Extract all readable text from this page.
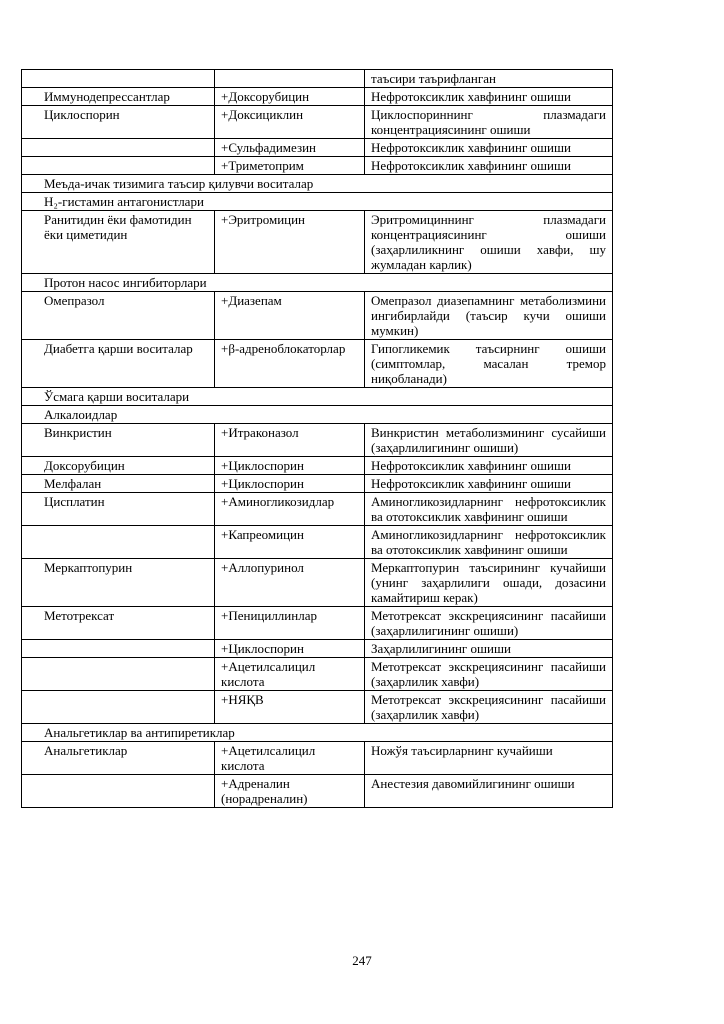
		таъсири таърифланган
Иммунодепрессантлар	+Доксорубицин	Нефротоксиклик хавфининг ошиши
Циклоспорин	+Доксициклин	Циклоспориннинг плазмадаги концентрациясининг ошиши
	+Сульфадимезин	Нефротоксиклик хавфининг ошиши
	+Триметоприм	Нефротоксиклик хавфининг ошиши
Меъда-ичак тизимига таъсир қилувчи воситалар		
H₂-гистамин антагонистлари		
Ранитидин ёки фамотидин ёки циметидин	+Эритромицин	Эритромициннинг плазмадаги концентрациясининг ошиши (заҳарлиликнинг ошиши хавфи, шу жумладан карлик)
Протон насос ингибиторлари		
Омепразол	+Диазепам	Омепразол диазепамнинг метаболизмини ингибирлайди (таъсир кучи ошиши мумкин)
Диабетга қарши воситалар	+β-адреноблокаторлар	Гипогликемик таъсирнинг ошиши (симптомлар, масалан тремор ниқобланади)
Ўсмага қарши воситалари		
Алкалоидлар		
Винкристин	+Итраконазол	Винкристин метаболизмининг сусайиши (заҳарлилигининг ошиши)
Доксорубицин	+Циклоспорин	Нефротоксиклик хавфининг ошиши
Мелфалан	+Циклоспорин	Нефротоксиклик хавфининг ошиши
Цисплатин	+Аминогликозидлар	Аминогликозидларнинг нефротоксиклик ва ототоксиклик хавфининг ошиши
	+Капреомицин	Аминогликозидларнинг нефротоксиклик ва ототоксиклик хавфининг ошиши
Меркаптопурин	+Аллопуринол	Меркаптопурин таъсирининг кучайиши (унинг заҳарлилиги ошади, дозасини камайтириш керак)
Метотрексат	+Пенициллинлар	Метотрексат экскрециясининг пасайиши (заҳарлилигининг ошиши)
	+Циклоспорин	Заҳарлилигининг ошиши
	+Ацетилсалицил кислота	Метотрексат экскрециясининг пасайиши (заҳарлилик хавфи)
	+НЯҚВ	Метотрексат экскрециясининг пасайиши (заҳарлилик хавфи)
Анальгетиклар ва антипиретиклар		
Анальгетиклар	+Ацетилсалицил кислота	Ножўя таъсирларнинг кучайиши
	+Адреналин (норадреналин)	Анестезия давомийлигининг ошиши
247
